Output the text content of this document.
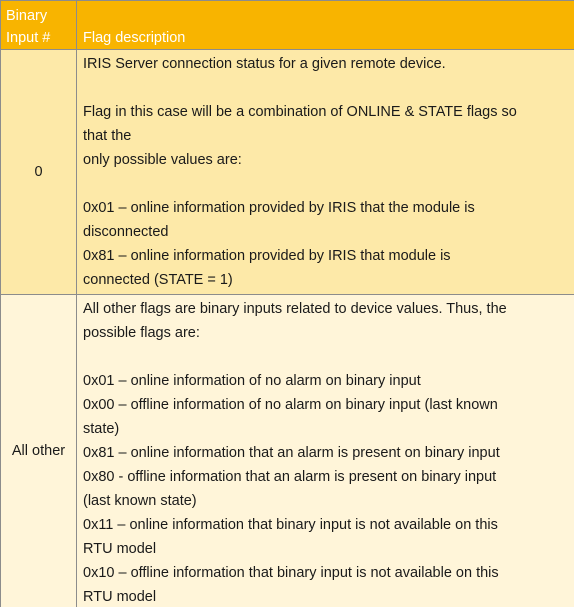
Binary
Input #	Flag description
0
IRIS Server connection status for a given remote device.
Flag in this case will be a combination of ONLINE & STATE flags so
that the
only possible values are:
0x01 – online information provided by IRIS that the module is
disconnected
0x81 – online information provided by IRIS that module is
connected (STATE = 1)
All other
All other flags are binary inputs related to device values. Thus, the
possible flags are:
0x01 – online information of no alarm on binary input
0x00 – offline information of no alarm on binary input (last known
state)
0x81 – online information that an alarm is present on binary input
0x80 - offline information that an alarm is present on binary input
(last known state)
0x11 – online information that binary input is not available on this
RTU model
0x10 – offline information that binary input is not available on this
RTU model
